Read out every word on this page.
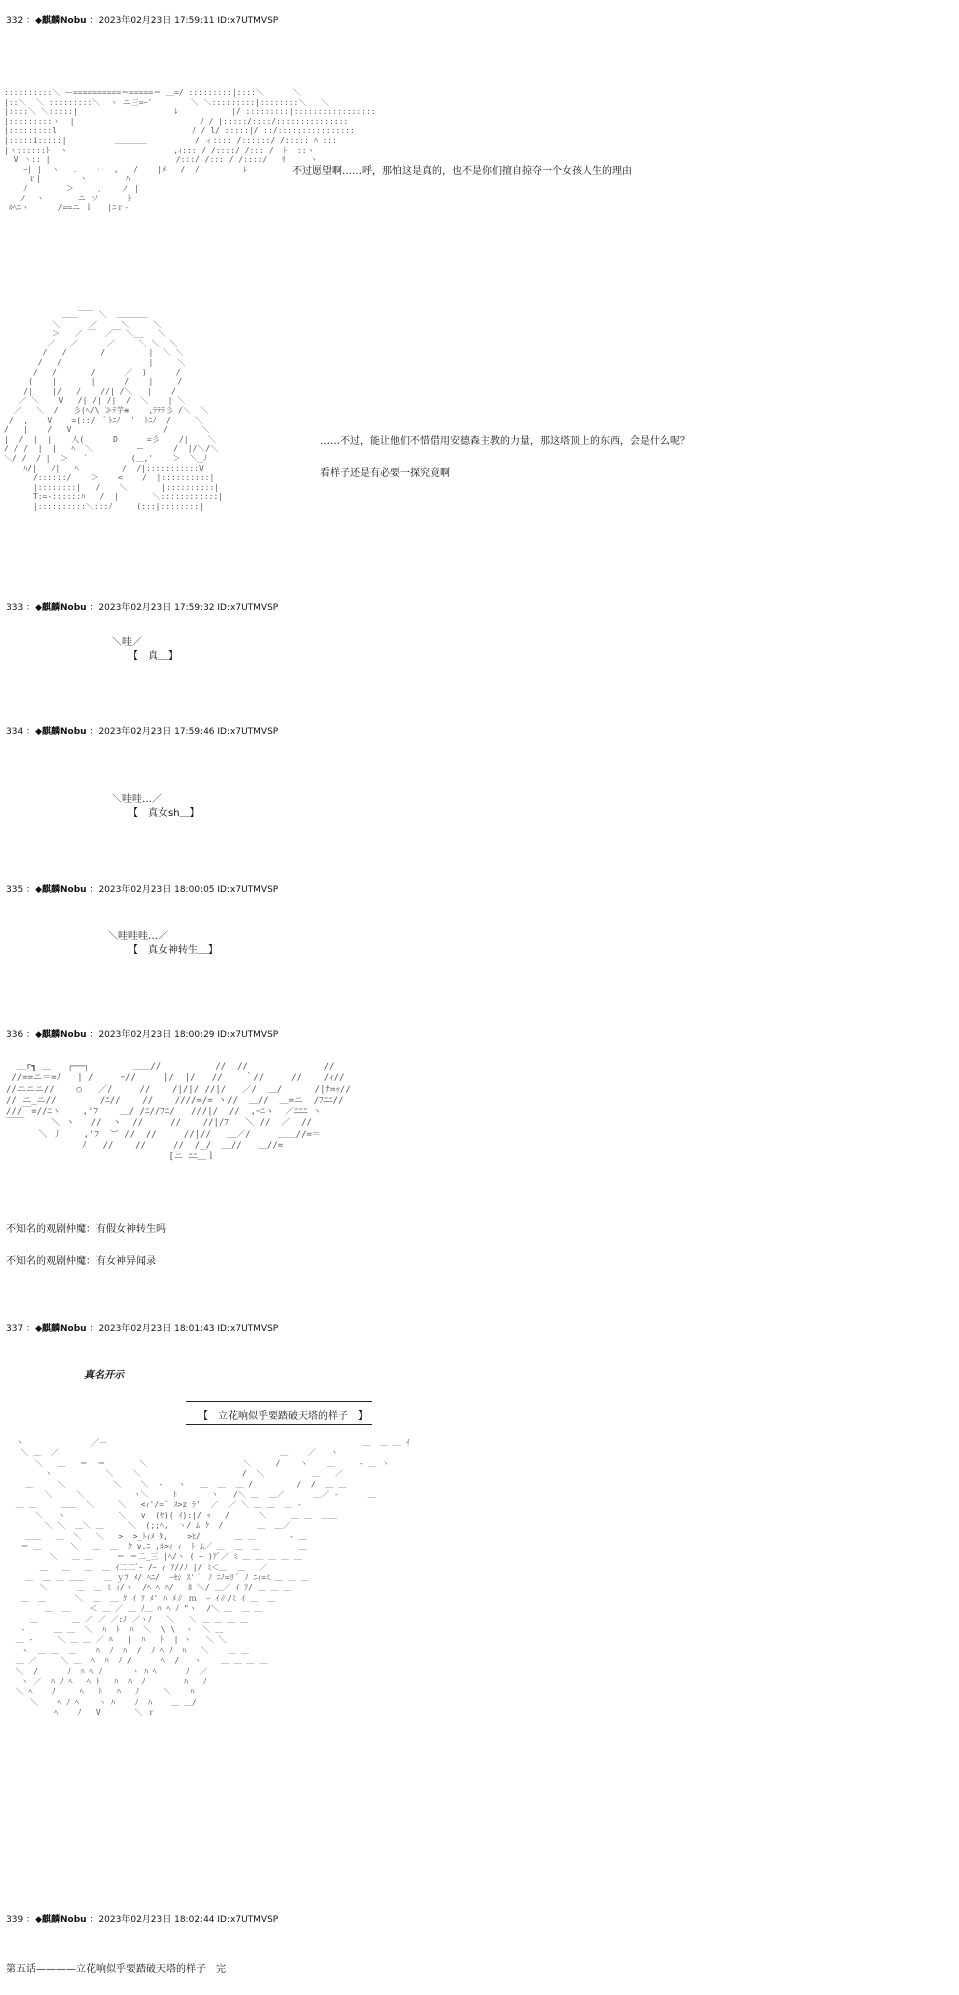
332 ：◆麒麟Nobu ：2023年02月23日 17:59:11 ID:x7UTMVSP
::::::::::＼ ー==========＝=====＝ ＿=/ :::::::::|::::＼      ＼
|::＼  ＼ :::::::::＼  ヽ ニ三=ｰ'        ＼ ＼:::::::::|::::::::＼   ＼
|::::＼ ＼:::::|                    ﾚ           |/ :::::::::|:::::::::::::::::
|:::::::::ヽ  |                          ﾉ / |:::::/::::/:::::::::::::::
|:::::::::l                            ﾉ / l/ :::::|/ ::/::::::::::::::::
|:::::i:::::|          ＿＿＿＿          / ィ:::: /::::::/ /::::: ﾊ :::
|ヽ::::::ﾄ  ヽ                      ,ｨ::: / /::::/ /::: /  ﾄ  ::ヽ
V ヽ:: |                          /:::/ /::: / /::::/   ﾘ     ヽ
ｰ| |  ヽ   ．   ‥  ,   /    |ﾒ   /  /         ﾚ
ｒ|        ヽ        ﾊ
ﾉ        ＞     ､    ノ |
ノ  ヽ       ニ ソ      ﾄ
ﾙﾍﾆヽ      /==ニ ｌ   |ﾆｒ-
不过愿望啊……呼，那怕这是真的，也不是你们擅自掠夺一个女孩人生的理由
＿＿￣￣ ＼  ＿＿＿＿
＼      ／     ＼     ＼
＞   ／ ￣  ／￣ ＼__   ＼
／   ／      ／     ＼ ＼  ＼
/   /       /         |  ＼ ＼
/   /                  |     ＼
/   /       /      ／  )      /
(    |       |      /    |     /
/|    |/   /    //| /＼   |    /
／ ＼    V   /| /| /|  /  ＼    | ＼
／   ＼  /   彡(ﾍ/\ ≫ﾃ芋≡    ,ﾃﾃﾃ彡 /＼  ＼
/  ,    V    =(::/ ｀ﾄﾆﾉ  '  ﾄﾆﾉ  /     ＼
/   |    /   V                   /       ＼
|  /  |  |    人(      D      =彡    /|    ＼
/ / /  |  |   ﾍ  ＼         ー      /  |/＼/＼
＼/ /  / |  ＞   ´         (＿,'    ＞  ＼_ﾉ
ﾊ/|   ﾉ|   ﾍ         /  /|:::::::::::V
/::::::/    ＞    <    /  |::::::::::|
|::::::::|   /    ＼       |::::::::::|
T:=-::::::ﾊ   /  |       ＼::::::::::::|
|::::::::::＼:::ﾉ     (:::|::::::::|
……不过，能让他们不惜借用安德森主教的力量，那这塔顶上的东西，会是什么呢？
看样子还是有必要一探究竟啊
333 ：◆麒麟Nobu ：2023年02月23日 17:59:32 ID:x7UTMVSP
＼哇／
【　真＿】
334 ：◆麒麟Nobu ：2023年02月23日 17:59:46 ID:x7UTMVSP
＼哇哇…／
【　真女sh＿】
335 ：◆麒麟Nobu ：2023年02月23日 18:00:05 ID:x7UTMVSP
＼哇哇哇…／
【　真女神转生＿】
336 ：◆麒麟Nobu ：2023年02月23日 18:00:29 ID:x7UTMVSP
＿r┓ ＿   ┌──┐        ＿＿//          //  //              //
//==ニ＝=ﾉ   | /     ｰ//     |/  |/   //    ｀//     //    /ｨ//
//ニニニ//    ○   ／/     //    /|/|/ //|/   ／/  ＿/      /|ﾅ=ｯ//
// ニ_ニ//        /ﾆ//    //    ////=/= ヽ//  ＿//  ＿=ニ  /ﾌﾆﾆ//
///￣=//ﾆヽ    ,'ﾌ    ＿/ /ﾆ//ﾌﾆ/   ///|/  //  ,ｰﾆヽ  ／ﾆﾆﾆ ヽ
￣￣     ＼ ヽ   //  ヽ  //     //    //|/ﾌ   ＼ //  ／  //
＼ 丿    ,'ﾌ  ︶ //  //     //|//   ＿／/     ＿＿//=＝
ﾉ   //    //     //  /_/  ＿//   ＿//=
[ニ ﾆﾆ＿ｌ
不知名的观剧仲魔：有假女神转生吗
不知名的观剧仲魔：有女神异闻录
337 ：◆麒麟Nobu ：2023年02月23日 18:01:43 ID:x7UTMVSP
真名开示
【　立花响似乎要踏破天塔的样子　】
ヽ              ／－                                                     ＿  ＿ ＿ ｲ
＼ ＿  ／                                              ＿    ／   ヽ
＼   ＿   ＝  ＝       ＼                    ＼     /    ヽ    ＿     ‐ ＿ ヽ
ヽ           ＼    ＼                     /  ＼          ＿   ／
＿     ＼          ＼    ＼  ‐   ヽ   ＿  ＿  ＿ /         /  /  ＿ ＿
＼     ＼          ヽ＼     ﾄ       ヽ   /＼ ＿  ＿／      ＿／ ‐      ＿
＿ ＿     ＿＿  ＼     ＼   <ｨ'/=¨ ｽ>z ﾗ'  ／  ／ ＼ ＿ ＿  ＿ ‐
＼   ヽ           ＼   v  (ﾔ)( ｲ):|/ ｯ   /      ＼     ＿ ＿  ＿＿
＼ ＼  ＿＼ ＿     ＼  (;;ﾍ,  ヽ/ ﾑ ｸ  /       ＿  ＿／
＿＿   ＿  ＼   ＼   >  >_ﾄｨﾒ ﾀ,    >ﾋ/       ＿ ＿       ‐ ＿
＝ ＿      ＼   ＿  ＿  ｸ v.ﾆ ,ﾙ>ｨ ｨ  ﾄ ﾑ／ ＿  ＿  ＿        ＿
＼   ＿ ＿     ＝ ＝二_三 |ﾍ/ヽ ( ｰ )ｱﾞ／ ﾐ ＿ ＿ ＿ ＿ ＿
＿   ＿   ＿  ＿ ｲ二二ﾞｰ /ｰ ｨ ｱ//ﾉ |/ ﾐ＜＿  ＿   ／
＿  ＿ ＿ ＿＿    ＿ ｙﾌ ﾒ/ ﾍﾆ/  ｰｾｼ ｽ'｀ ﾉ ﾆﾉ=ﾘ ﾞ ﾉ ﾆｨ=ﾐ ＿ ＿ ＿
＼      ＿  ＿ ﾐ ｨ/ヽ  /ﾍ ﾍ ﾊ/   ﾎ ＼/ ＿／ ｲ ｱ/ ＿ ＿ ＿
＿  ＿      ＼  ＿  ＿ ｸ ｲ ﾌ ﾒ' ﾊ ﾒ∥ ｍ  ｰ ｲ∥/ﾐ ｲ ＿  ＿
＿  ＿    ＜ ＿ ／ ＿ ﾉ＿ ﾊ ﾍ ﾉ "ヽ  /＼ ＿  ＿ ＿
＿       ＿ ／ ／ ／:ﾉ ／ヽﾉ   ＼   ＼ ＿ ＿ ＿ ＿
‐      ＿ ＿  ＼  ﾊ  ﾄ  ﾊ  ＼  \ \  ヽ  ＼ ＿
＿ ‐     ＼ ＿ ＿ ／ ﾊ   |  ﾊ   ﾄ  | ヽ   ＼ ＼
ヽ  ＿ ＿  ＿    ﾊ  ﾉ  ﾊ  /  ﾉ ﾍ ﾉ  ﾊ   ＼    ＿ ＿
＿ ／     ＼ ＿  ﾍ  ﾊ  ﾉ /      ﾍ  /   ヽ    ＿ ＿ ＿ ＿
＼  /      ﾉ  ﾊ ﾍ ﾉ      ヽ ﾊ ﾍ      ﾉ  ／
ヽ ／  ﾊ ﾉ ﾍ   ﾍ ﾄ   ﾊ  ﾊ  ﾉ        ﾊ   ﾉ
＼ ﾍ    ﾉ     ﾍ   ﾄ   ﾊ   ﾉ     ＼    ﾊ
＼    ﾍ ﾉ ﾍ    ヽ ﾊ    ﾉ  ﾊ    ＿ ＿/
ﾍ    ﾉ   V       ＼ ｒ
339 ：◆麒麟Nobu ：2023年02月23日 18:02:44 ID:x7UTMVSP
第五话————立花响似乎要踏破天塔的样子　完
